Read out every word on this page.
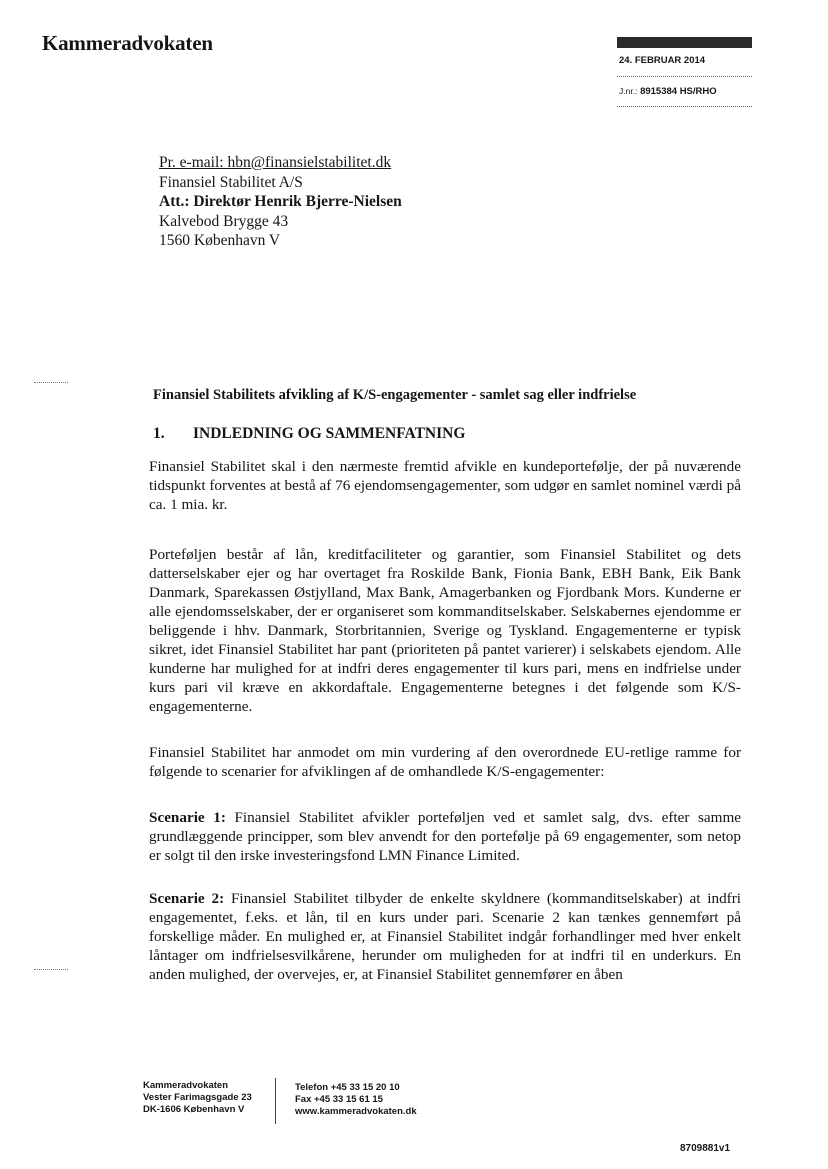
Kammeradvokaten
24. FEBRUAR 2014
J.nr.: 8915384 HS/RHO
Pr. e-mail: hbn@finansielstabilitet.dk
Finansiel Stabilitet A/S
Att.: Direktør Henrik Bjerre-Nielsen
Kalvebod Brygge 43
1560 København V
Finansiel Stabilitets afvikling af K/S-engagementer - samlet sag eller indfrielse
1. INDLEDNING OG SAMMENFATNING
Finansiel Stabilitet skal i den nærmeste fremtid afvikle en kundeportefølje, der på nuværende tidspunkt forventes at bestå af 76 ejendomsengagementer, som udgør en samlet nominel værdi på ca. 1 mia. kr.
Porteføljen består af lån, kreditfaciliteter og garantier, som Finansiel Stabilitet og dets datterselskaber ejer og har overtaget fra Roskilde Bank, Fionia Bank, EBH Bank, Eik Bank Danmark, Sparekassen Østjylland, Max Bank, Amagerbanken og Fjordbank Mors. Kunderne er alle ejendomsselskaber, der er organiseret som kommanditselskaber. Selskabernes ejendomme er beliggende i hhv. Danmark, Storbritannien, Sverige og Tyskland. Engagementerne er typisk sikret, idet Finansiel Stabilitet har pant (prioriteten på pantet varierer) i selskabets ejendom. Alle kunderne har mulighed for at indfri deres engagementer til kurs pari, mens en indfrielse under kurs pari vil kræve en akkordaftale. Engagementerne betegnes i det følgende som K/S-engagementerne.
Finansiel Stabilitet har anmodet om min vurdering af den overordnede EU-retlige ramme for følgende to scenarier for afviklingen af de omhandlede K/S-engagementer:
Scenarie 1: Finansiel Stabilitet afvikler porteføljen ved et samlet salg, dvs. efter samme grundlæggende principper, som blev anvendt for den portefølje på 69 engagementer, som netop er solgt til den irske investeringsfond LMN Finance Limited.
Scenarie 2: Finansiel Stabilitet tilbyder de enkelte skyldnere (kommanditselskaber) at indfri engagementet, f.eks. et lån, til en kurs under pari. Scenarie 2 kan tænkes gennemført på forskellige måder. En mulighed er, at Finansiel Stabilitet indgår forhandlinger med hver enkelt låntager om indfrielsesvilkårene, herunder om muligheden for at indfri til en underkurs. En anden mulighed, der overvejes, er, at Finansiel Stabilitet gennemfører en åben
Kammeradvokaten
Vester Farimagsgade 23
DK-1606 København V
Telefon +45 33 15 20 10
Fax +45 33 15 61 15
www.kammeradvokaten.dk
8709881v1
